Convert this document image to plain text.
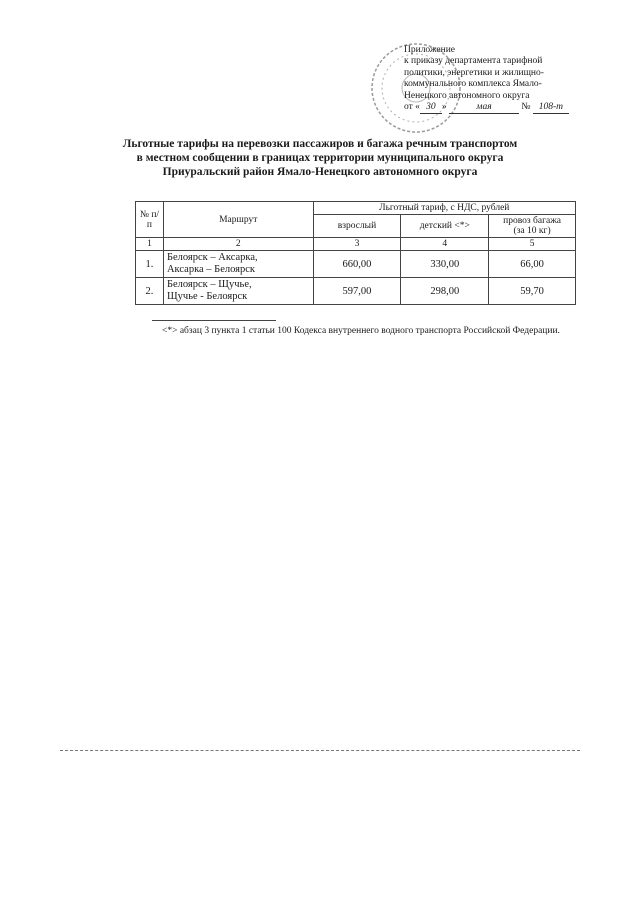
Приложение
к приказу департамента тарифной
политики, энергетики и жилищно-
коммунального комплекса Ямало-
Ненецкого автономного округа
от « 30 »	мая	№ 108-т
Льготные тарифы на перевозки пассажиров и багажа речным транспортом
в местном сообщении в границах территории муниципального округа
Приуральский район Ямало-Ненецкого автономного округа
№ п/п	Маршрут	Льготный тариф, с НДС, рублей		
		взрослый	детский <*>	провоз багажа
(за 10 кг)
1	2	3	4	5
1.	Белоярск – Аксарка,
Аксарка – Белоярск	660,00	330,00	66,00
2.	Белоярск – Щучье,
Щучье - Белоярск	597,00	298,00	59,70
<*> абзац 3 пункта 1 статьи 100 Кодекса внутреннего водного транспорта Российской Федерации.
